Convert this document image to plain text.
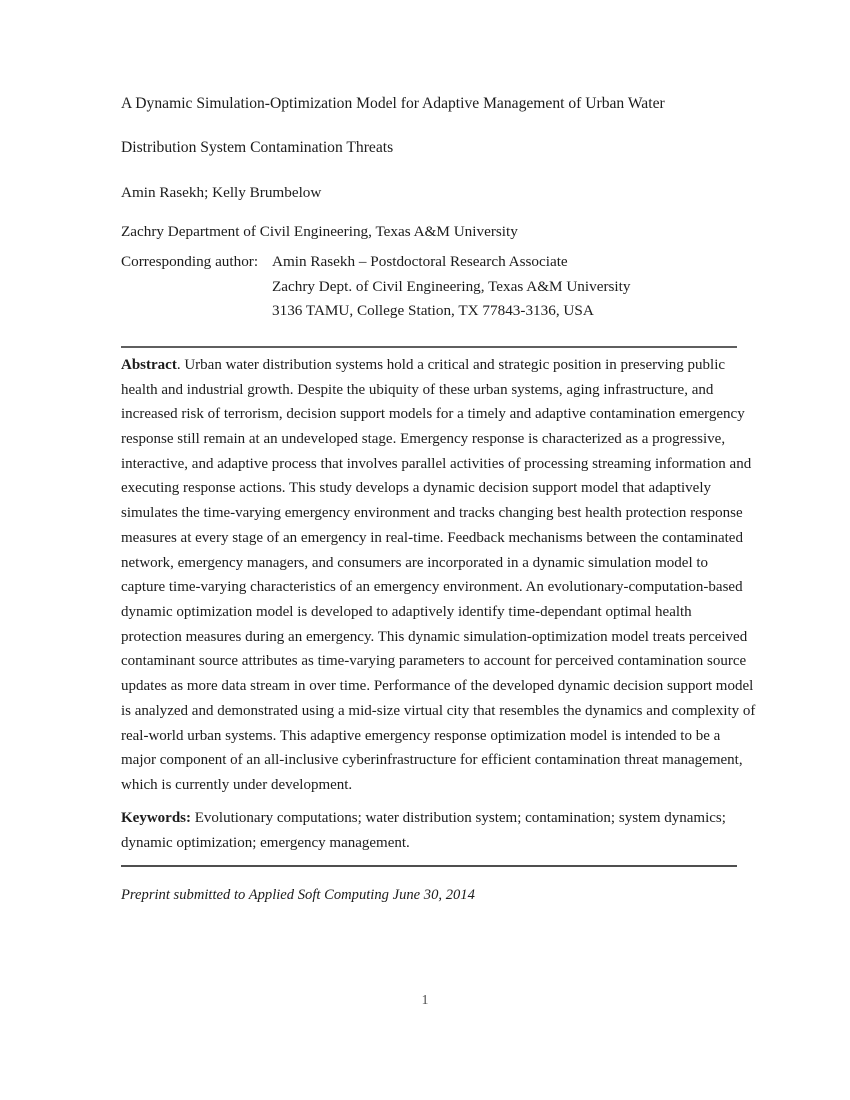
A Dynamic Simulation-Optimization Model for Adaptive Management of Urban Water
Distribution System Contamination Threats

Amin Rasekh; Kelly Brumbelow

Zachry Department of Civil Engineering, Texas A&M University

Corresponding author: Amin Rasekh – Postdoctoral Research Associate
Zachry Dept. of Civil Engineering, Texas A&M University
3136 TAMU, College Station, TX 77843-3136, USA
Abstract. Urban water distribution systems hold a critical and strategic position in preserving public
health and industrial growth. Despite the ubiquity of these urban systems, aging infrastructure, and
increased risk of terrorism, decision support models for a timely and adaptive contamination emergency
response still remain at an undeveloped stage. Emergency response is characterized as a progressive,
interactive, and adaptive process that involves parallel activities of processing streaming information and
executing response actions. This study develops a dynamic decision support model that adaptively
simulates the time-varying emergency environment and tracks changing best health protection response
measures at every stage of an emergency in real-time. Feedback mechanisms between the contaminated
network, emergency managers, and consumers are incorporated in a dynamic simulation model to
capture time-varying characteristics of an emergency environment. An evolutionary-computation-based
dynamic optimization model is developed to adaptively identify time-dependant optimal health
protection measures during an emergency. This dynamic simulation-optimization model treats perceived
contaminant source attributes as time-varying parameters to account for perceived contamination source
updates as more data stream in over time. Performance of the developed dynamic decision support model
is analyzed and demonstrated using a mid-size virtual city that resembles the dynamics and complexity of
real-world urban systems. This adaptive emergency response optimization model is intended to be a
major component of an all-inclusive cyberinfrastructure for efficient contamination threat management,
which is currently under development.
Keywords: Evolutionary computations; water distribution system; contamination; system dynamics;
dynamic optimization; emergency management.

Preprint submitted to Applied Soft Computing June 30, 2014

1
